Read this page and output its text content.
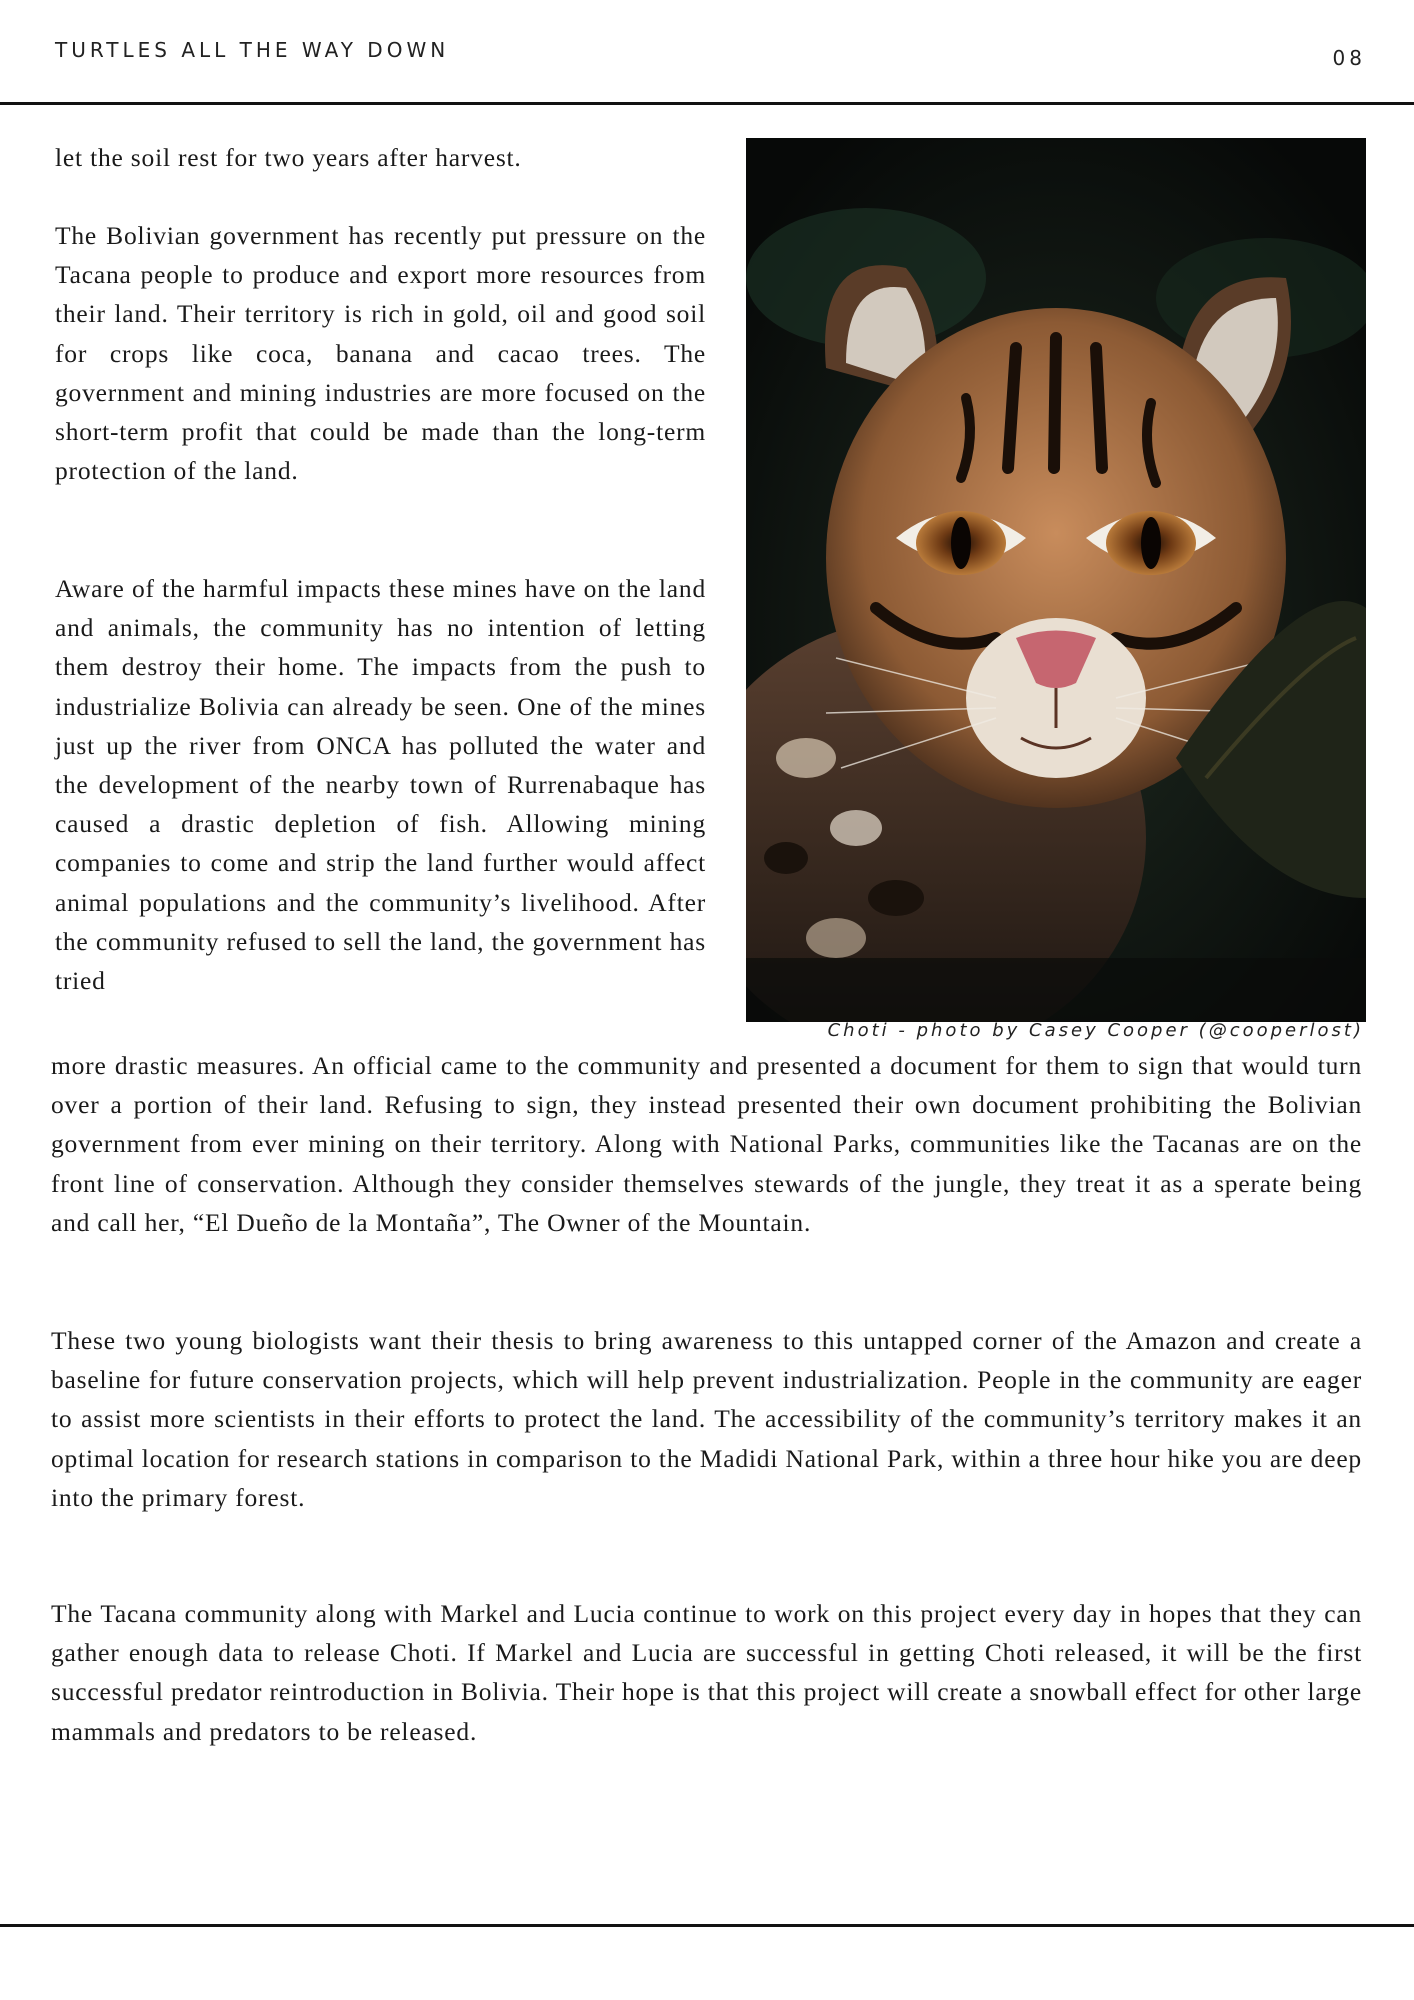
TURTLES ALL THE WAY DOWN	08

let the soil rest for two years after harvest.

The Bolivian government has recently put pressure on the Tacana people to produce and export more resources from their land. Their territory is rich in gold, oil and good soil for crops like coca, banana and cacao trees. The government and mining industries are more focused on the short-term profit that could be made than the long-term protection of the land.

Aware of the harmful impacts these mines have on the land and animals, the community has no intention of letting them destroy their home. The impacts from the push to industrialize Bolivia can already be seen. One of the mines just up the river from ONCA has polluted the water and the development of the nearby town of Rurrenabaque has caused a drastic depletion of fish. Allowing mining companies to come and strip the land further would affect animal populations and the community’s livelihood. After the community refused to sell the land, the government has tried

Choti - photo by Casey Cooper (@cooperlost)

more drastic measures. An official came to the community and presented a document for them to sign that would turn over a portion of their land. Refusing to sign, they instead presented their own document prohibiting the Bolivian government from ever mining on their territory. Along with National Parks, communities like the Tacanas are on the front line of conservation. Although they consider themselves stewards of the jungle, they treat it as a sperate being and call her, “El Dueño de la Montaña”, The Owner of the Mountain.

These two young biologists want their thesis to bring awareness to this untapped corner of the Amazon and create a baseline for future conservation projects, which will help prevent industrialization. People in the community are eager to assist more scientists in their efforts to protect the land. The accessibility of the community’s territory makes it an optimal location for research stations in comparison to the Madidi National Park, within a three hour hike you are deep into the primary forest.

The Tacana community along with Markel and Lucia continue to work on this project every day in hopes that they can gather enough data to release Choti. If Markel and Lucia are successful in getting Choti released, it will be the first successful predator reintroduction in Bolivia. Their hope is that this project will create a snowball effect for other large mammals and predators to be released.
